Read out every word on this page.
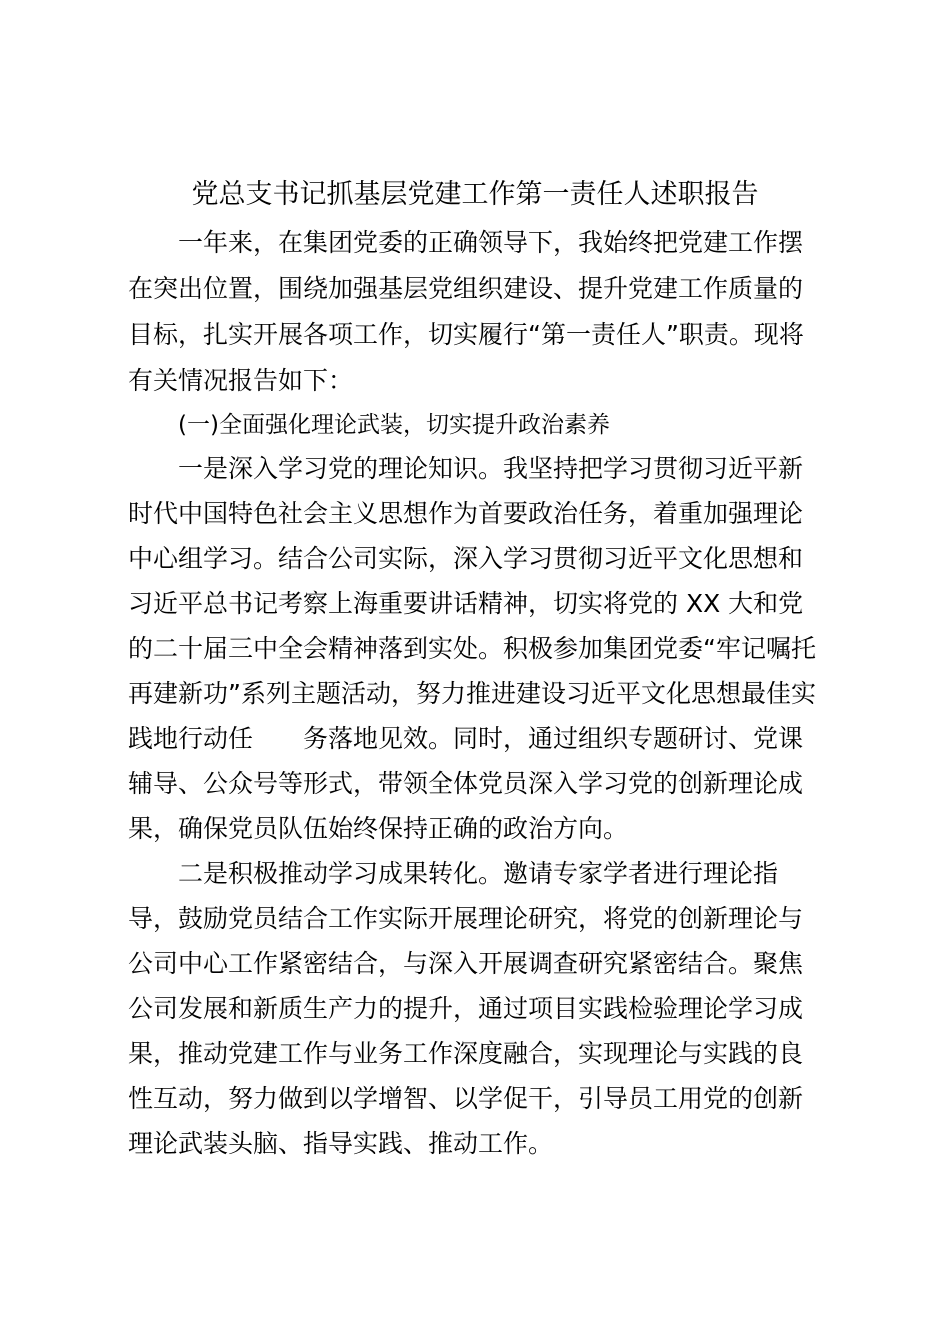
党总支书记抓基层党建工作第一责任人述职报告
一年来，在集团党委的正确领导下，我始终把党建工作摆
在突出位置，围绕加强基层党组织建设、提升党建工作质量的
目标，扎实开展各项工作，切实履行“第一责任人”职责。现将
有关情况报告如下：
(一)全面强化理论武装，切实提升政治素养
一是深入学习党的理论知识。我坚持把学习贯彻习近平新
时代中国特色社会主义思想作为首要政治任务，着重加强理论
中心组学习。结合公司实际，深入学习贯彻习近平文化思想和
习近平总书记考察上海重要讲话精神，切实将党的 XX 大和党
的二十届三中全会精神落到实处。积极参加集团党委“牢记嘱托
再建新功”系列主题活动，努力推进建设习近平文化思想最佳实
践地行动任　　务落地见效。同时，通过组织专题研讨、党课
辅导、公众号等形式，带领全体党员深入学习党的创新理论成
果，确保党员队伍始终保持正确的政治方向。
二是积极推动学习成果转化。邀请专家学者进行理论指
导，鼓励党员结合工作实际开展理论研究，将党的创新理论与
公司中心工作紧密结合，与深入开展调查研究紧密结合。聚焦
公司发展和新质生产力的提升，通过项目实践检验理论学习成
果，推动党建工作与业务工作深度融合，实现理论与实践的良
性互动，努力做到以学增智、以学促干，引导员工用党的创新
理论武装头脑、指导实践、推动工作。
